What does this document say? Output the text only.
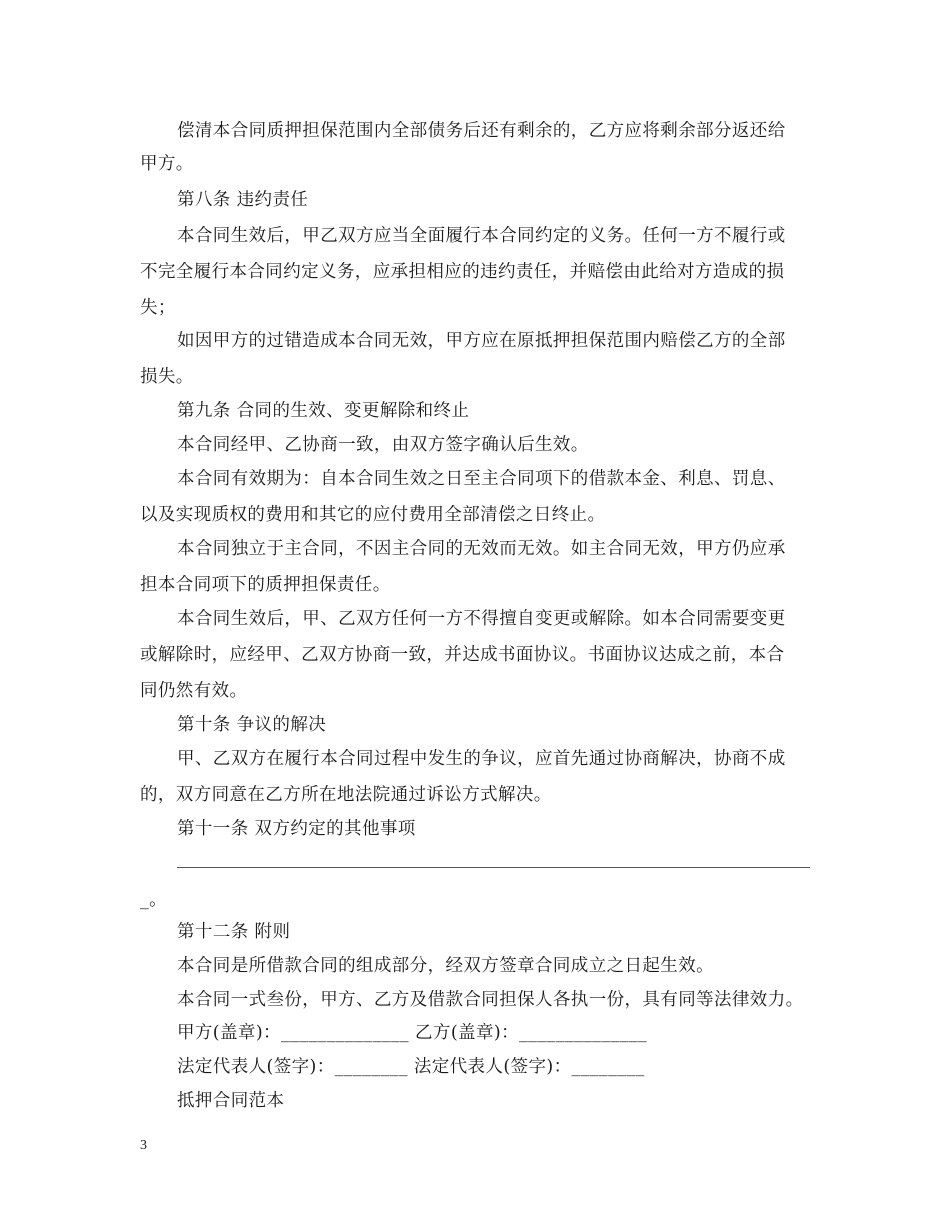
偿清本合同质押担保范围内全部债务后还有剩余的，乙方应将剩余部分返还给
甲方。
第八条 违约责任
本合同生效后，甲乙双方应当全面履行本合同约定的义务。任何一方不履行或
不完全履行本合同约定义务，应承担相应的违约责任，并赔偿由此给对方造成的损
失；
如因甲方的过错造成本合同无效，甲方应在原抵押担保范围内赔偿乙方的全部
损失。
第九条 合同的生效、变更解除和终止
本合同经甲、乙协商一致，由双方签字确认后生效。
本合同有效期为：自本合同生效之日至主合同项下的借款本金、利息、罚息、
以及实现质权的费用和其它的应付费用全部清偿之日终止。
本合同独立于主合同，不因主合同的无效而无效。如主合同无效，甲方仍应承
担本合同项下的质押担保责任。
本合同生效后，甲、乙双方任何一方不得擅自变更或解除。如本合同需要变更
或解除时，应经甲、乙双方协商一致，并达成书面协议。书面协议达成之前，本合
同仍然有效。
第十条 争议的解决
甲、乙双方在履行本合同过程中发生的争议，应首先通过协商解决，协商不成
的，双方同意在乙方所在地法院通过诉讼方式解决。
第十一条 双方约定的其他事项
_。
第十二条 附则
本合同是所借款合同的组成部分，经双方签章合同成立之日起生效。
本合同一式叁份，甲方、乙方及借款合同担保人各执一份，具有同等法律效力。
甲方(盖章)：______________ 乙方(盖章)：______________
法定代表人(签字)：________ 法定代表人(签字)：________
抵押合同范本
3
